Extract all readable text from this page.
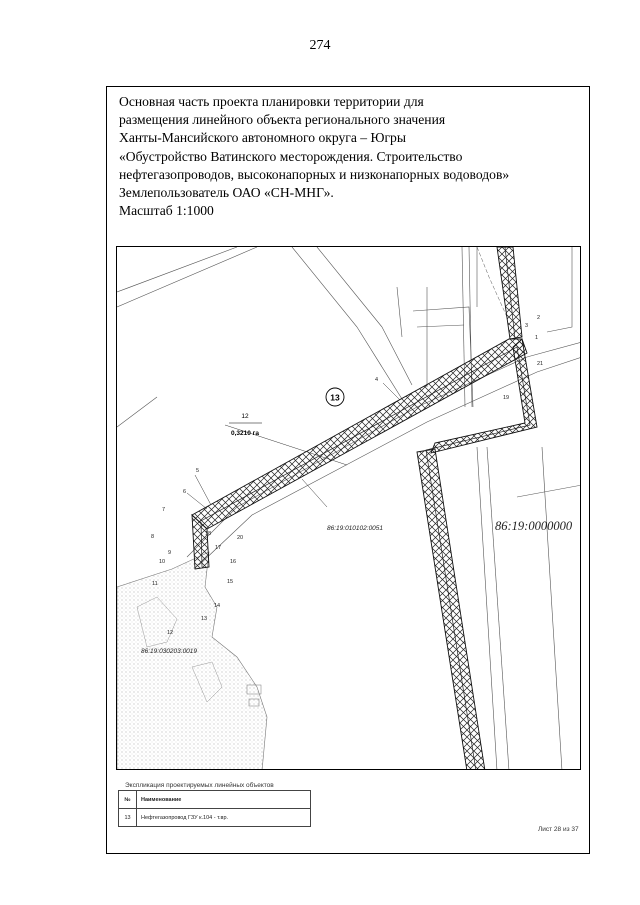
274
Основная часть проекта планировки территории для
размещения линейного объекта регионального значения
Ханты-Мансийского автономного округа – Югры
«Обустройство Ватинского месторождения. Строительство
нефтегазопроводов, высоконапорных и низконапорных водоводов»
Землепользователь ОАО «СН-МНГ».
Масштаб 1:1000
13
12
0,3210 га
86:19:010102:0051	86:19:0000000
86:19:030203:0019
1
2
3
4
5
6
7
8
9
10
11
12
13
14
15
16
17
18
19
20
21
Экспликация проектируемых линейных объектов
№	Наименование
13	Нефтегазопровод ГЗУ к.104 - т.вр.
Лист 28 из 37
